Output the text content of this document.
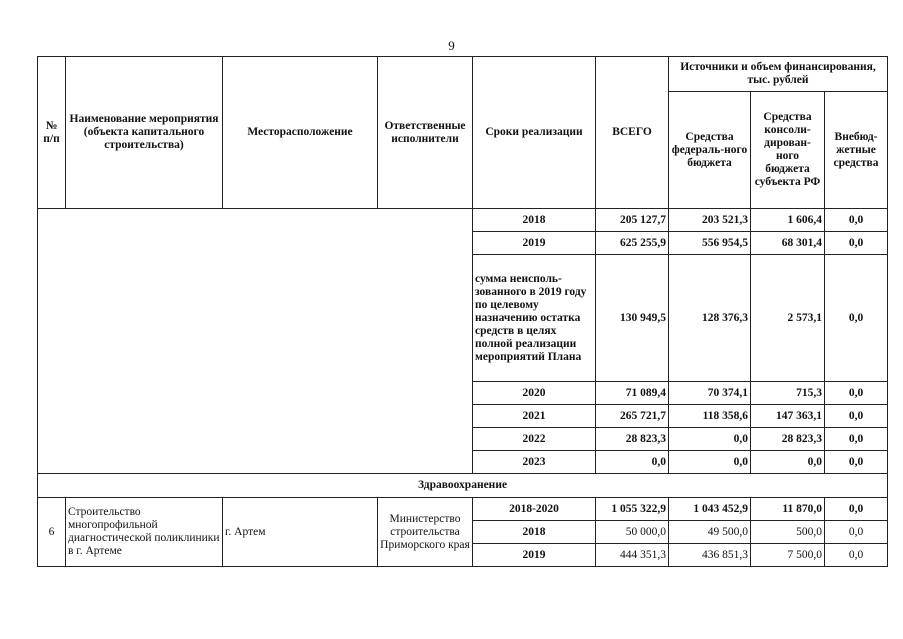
9
№ п/п	Наименование мероприятия (объекта капитального строительства)	Месторасположение	Ответственные исполнители	Сроки реализации	ВСЕГО	Источники и объем финансирования, тыс. рублей		
						Средства федераль-ного бюджета	Средства консоли-дирован-ного бюджета субъекта РФ	Внебюд-жетные средства
				2018	205 127,7	203 521,3	1 606,4	0,0
				2019	625 255,9	556 954,5	68 301,4	0,0
				сумма неисполь-зованного в 2019 году по целевому назначению остатка средств в целях полной реализации мероприятий Плана	130 949,5	128 376,3	2 573,1	0,0
				2020	71 089,4	70 374,1	715,3	0,0
				2021	265 721,7	118 358,6	147 363,1	0,0
				2022	28 823,3	0,0	28 823,3	0,0
				2023	0,0	0,0	0,0	0,0
Здравоохранение								
6	Строительство многопрофильной диагностической поликлиники в г. Артеме	г. Артем	Министерство строительства Приморского края	2018-2020	1 055 322,9	1 043 452,9	11 870,0	0,0
				2018	50 000,0	49 500,0	500,0	0,0
				2019	444 351,3	436 851,3	7 500,0	0,0
